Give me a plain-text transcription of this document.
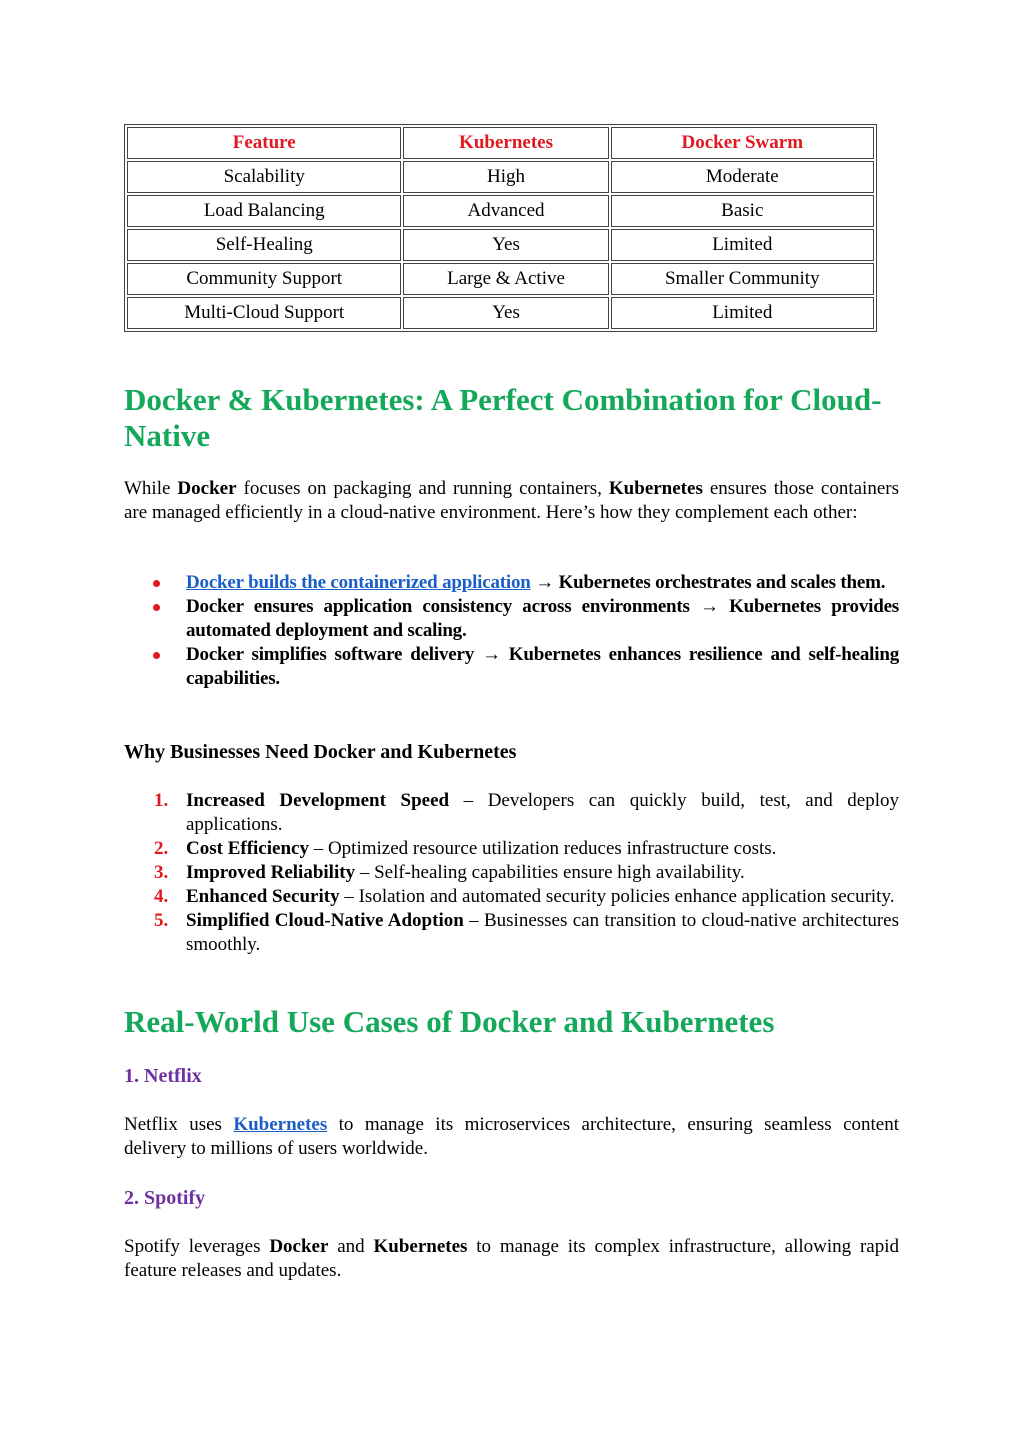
Feature	Kubernetes	Docker Swarm
Scalability	High	Moderate
Load Balancing	Advanced	Basic
Self-Healing	Yes	Limited
Community Support	Large & Active	Smaller Community
Multi-Cloud Support	Yes	Limited
Docker & Kubernetes: A Perfect Combination for Cloud-Native

While Docker focuses on packaging and running containers, Kubernetes ensures those containers are managed efficiently in a cloud-native environment. Here’s how they complement each other:

Docker builds the containerized application → Kubernetes orchestrates and scales them.
Docker ensures application consistency across environments → Kubernetes provides automated deployment and scaling.
Docker simplifies software delivery → Kubernetes enhances resilience and self-healing capabilities.
Why Businesses Need Docker and Kubernetes
1. Increased Development Speed – Developers can quickly build, test, and deploy applications.
2. Cost Efficiency – Optimized resource utilization reduces infrastructure costs.
3. Improved Reliability – Self-healing capabilities ensure high availability.
4. Enhanced Security – Isolation and automated security policies enhance application security.
5. Simplified Cloud-Native Adoption – Businesses can transition to cloud-native architectures smoothly.
Real-World Use Cases of Docker and Kubernetes
1. Netflix

Netflix uses Kubernetes to manage its microservices architecture, ensuring seamless content delivery to millions of users worldwide.

2. Spotify

Spotify leverages Docker and Kubernetes to manage its complex infrastructure, allowing rapid feature releases and updates.
